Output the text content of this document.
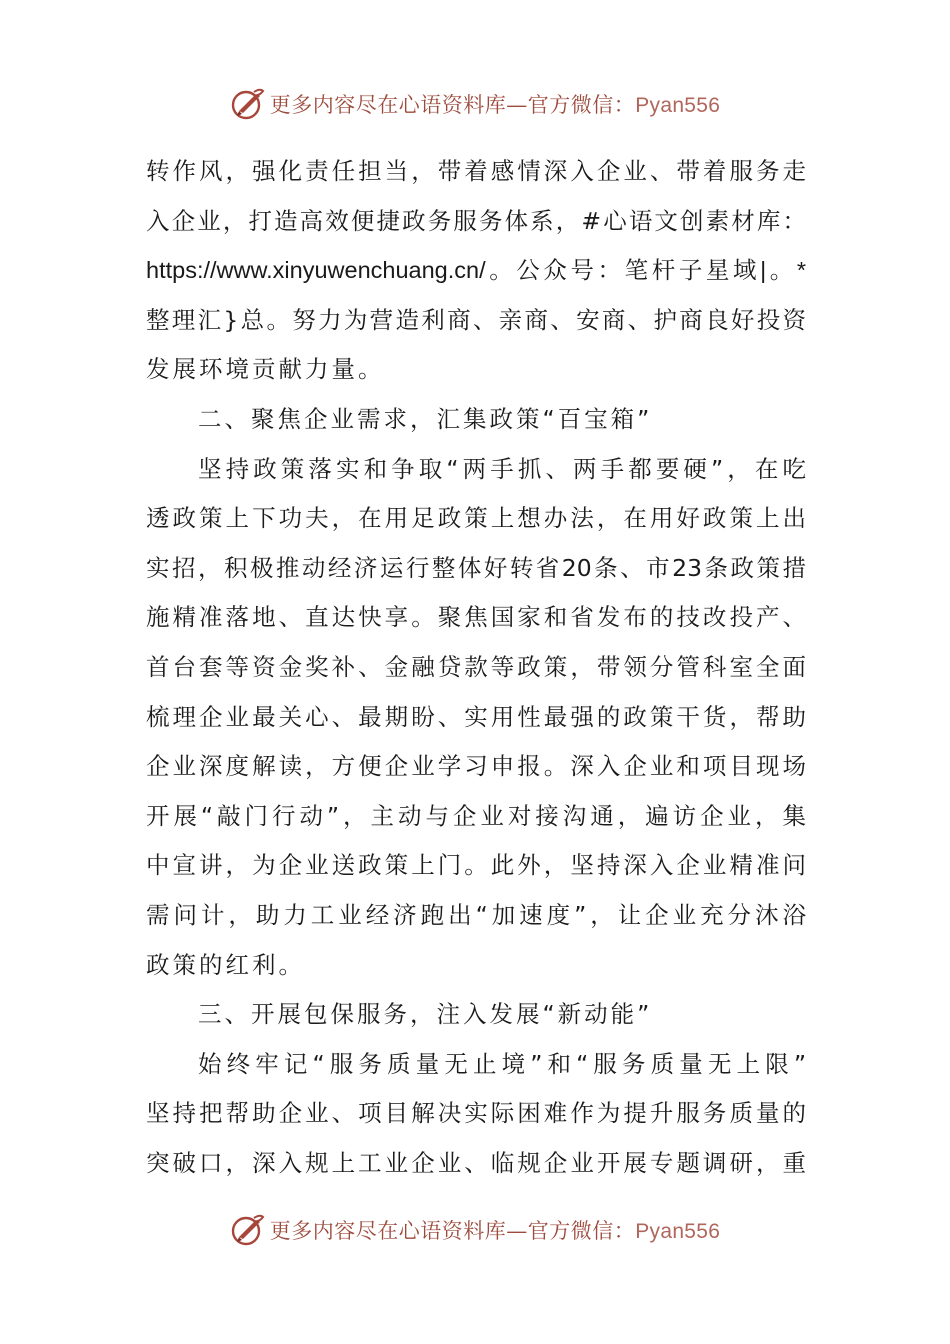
更多内容尽在心语资料库—官方微信：Pyan556
转作风，强化责任担当，带着感情深入企业、带着服务走
入企业，打造高效便捷政务服务体系，#心语文创素材库：
https://www.xinyuwenchuang.cn/。公众号：笔杆子星域|。*
整理汇}总。努力为营造利商、亲商、安商、护商良好投资
发展环境贡献力量。
二、聚焦企业需求，汇集政策“百宝箱”
坚持政策落实和争取“两手抓、两手都要硬”，在吃
透政策上下功夫，在用足政策上想办法，在用好政策上出
实招，积极推动经济运行整体好转省20条、市23条政策措
施精准落地、直达快享。聚焦国家和省发布的技改投产、
首台套等资金奖补、金融贷款等政策，带领分管科室全面
梳理企业最关心、最期盼、实用性最强的政策干货，帮助
企业深度解读，方便企业学习申报。深入企业和项目现场
开展“敲门行动”，主动与企业对接沟通，遍访企业，集
中宣讲，为企业送政策上门。此外，坚持深入企业精准问
需问计，助力工业经济跑出“加速度”，让企业充分沐浴
政策的红利。
三、开展包保服务，注入发展“新动能”
始终牢记“服务质量无止境”和“服务质量无上限”
坚持把帮助企业、项目解决实际困难作为提升服务质量的
突破口，深入规上工业企业、临规企业开展专题调研，重
更多内容尽在心语资料库—官方微信：Pyan556
